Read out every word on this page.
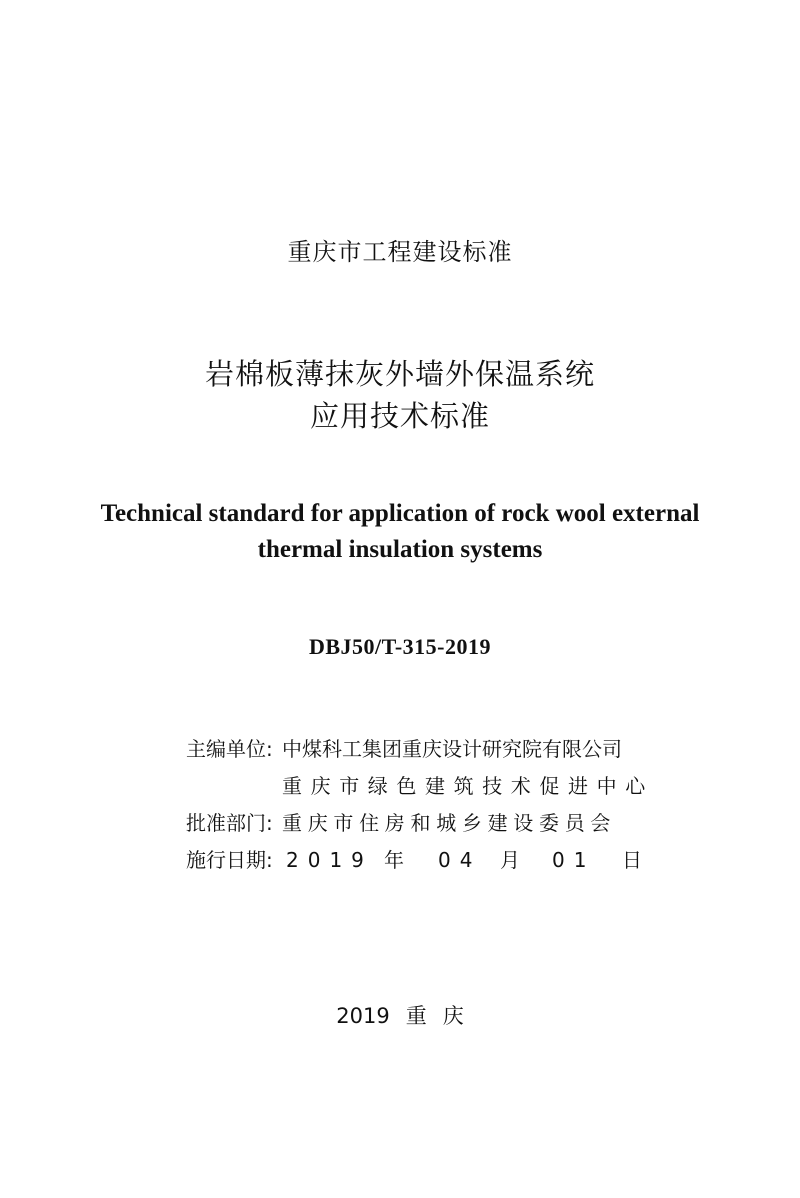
重庆市工程建设标准
岩棉板薄抹灰外墙外保温系统
应用技术标准
Technical standard for application of rock wool external
thermal insulation systems
DBJ50/T-315-2019
主编单位: 中煤科工集团重庆设计研究院有限公司
重庆市绿色建筑技术促进中心
批准部门: 重庆市住房和城乡建设委员会
施行日期: 2019 年 04 月 01 日
2019 重 庆
